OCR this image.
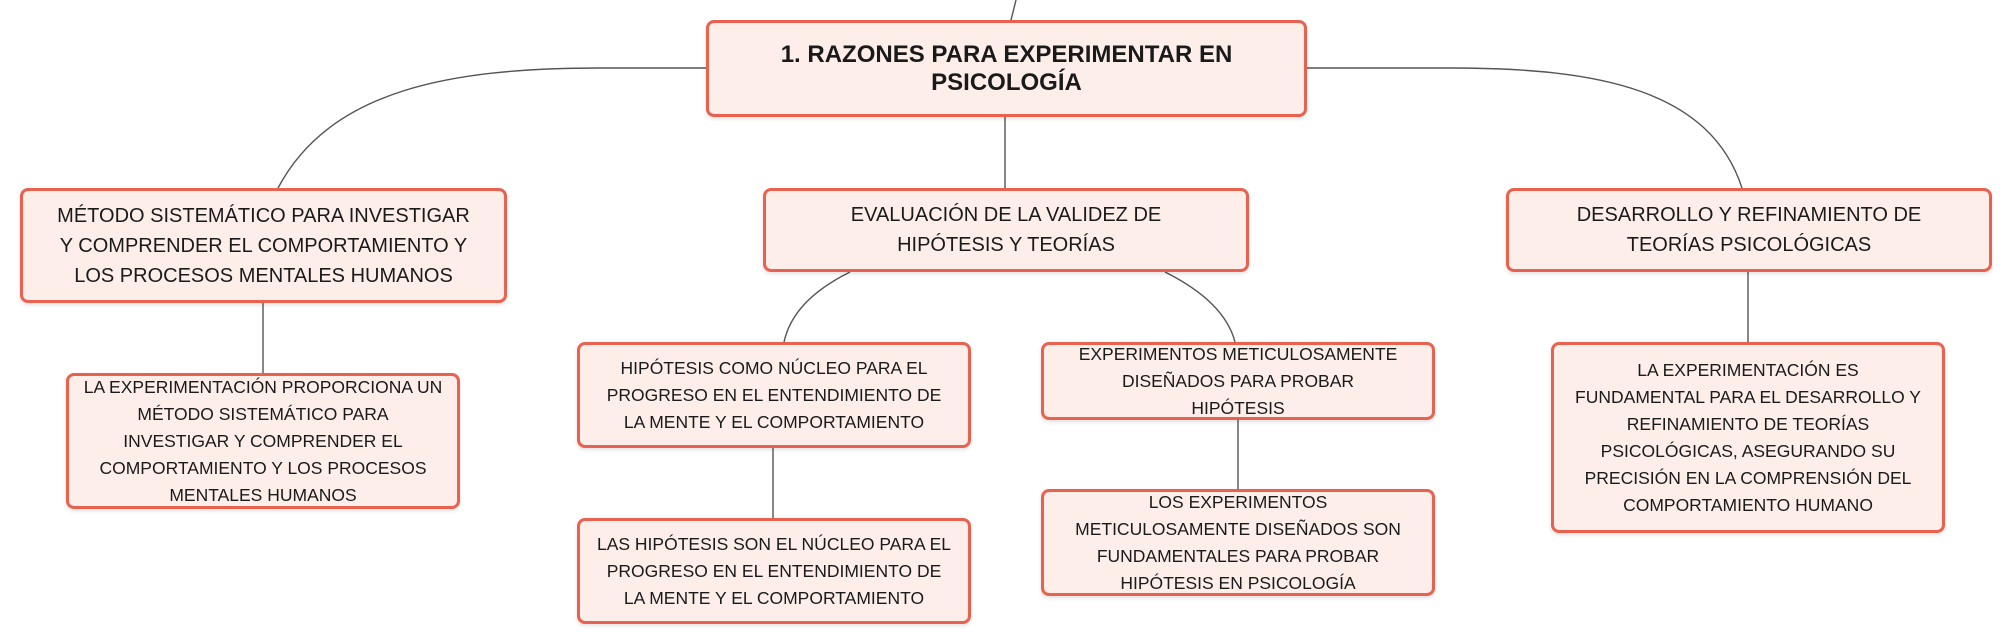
1. RAZONES PARA EXPERIMENTAR EN PSICOLOGÍA
MÉTODO SISTEMÁTICO PARA INVESTIGAR Y COMPRENDER EL COMPORTAMIENTO Y LOS PROCESOS MENTALES HUMANOS
EVALUACIÓN DE LA VALIDEZ DE HIPÓTESIS Y TEORÍAS
DESARROLLO Y REFINAMIENTO DE TEORÍAS PSICOLÓGICAS
LA EXPERIMENTACIÓN PROPORCIONA UN MÉTODO SISTEMÁTICO PARA INVESTIGAR Y COMPRENDER EL COMPORTAMIENTO Y LOS PROCESOS MENTALES HUMANOS
HIPÓTESIS COMO NÚCLEO PARA EL PROGRESO EN EL ENTENDIMIENTO DE LA MENTE Y EL COMPORTAMIENTO
EXPERIMENTOS METICULOSAMENTE DISEÑADOS PARA PROBAR HIPÓTESIS
LA EXPERIMENTACIÓN ES FUNDAMENTAL PARA EL DESARROLLO Y REFINAMIENTO DE TEORÍAS PSICOLÓGICAS, ASEGURANDO SU PRECISIÓN EN LA COMPRENSIÓN DEL COMPORTAMIENTO HUMANO
LAS HIPÓTESIS SON EL NÚCLEO PARA EL PROGRESO EN EL ENTENDIMIENTO DE LA MENTE Y EL COMPORTAMIENTO
LOS EXPERIMENTOS METICULOSAMENTE DISEÑADOS SON FUNDAMENTALES PARA PROBAR HIPÓTESIS EN PSICOLOGÍA
